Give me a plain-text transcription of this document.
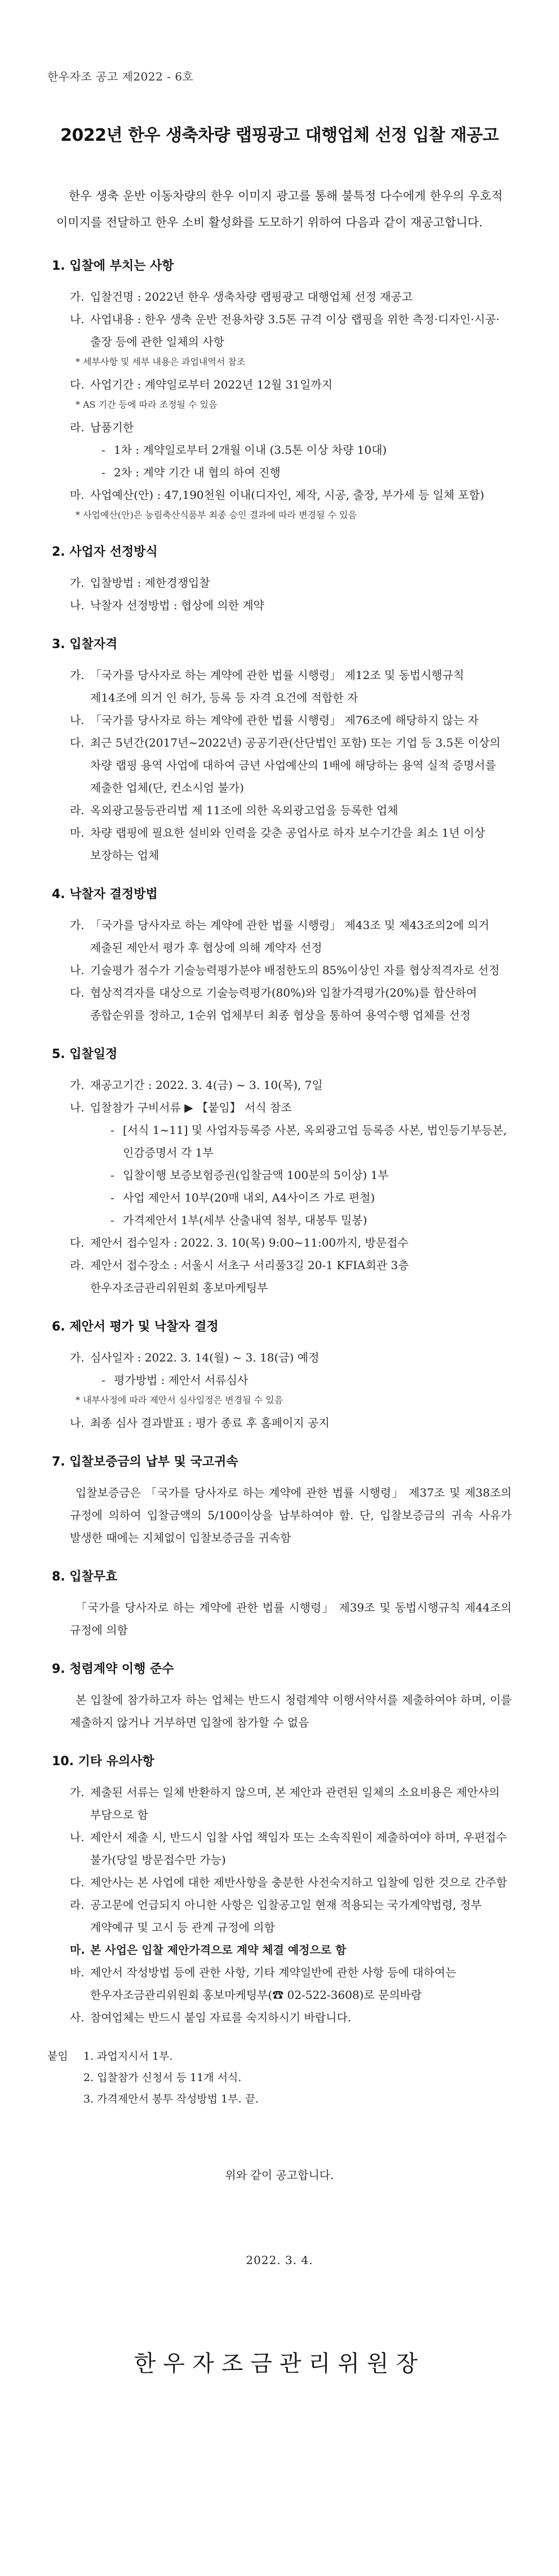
한우자조 공고 제2022 - 6호
2022년 한우 생축차량 랩핑광고 대행업체 선정 입찰 재공고
한우 생축 운반 이동차량의 한우 이미지 광고를 통해 불특정 다수에게 한우의 우호적 이미지를 전달하고 한우 소비 활성화를 도모하기 위하여 다음과 같이 재공고합니다.
1. 입찰에 부치는 사항
가. 입찰건명 : 2022년 한우 생축차량 랩핑광고 대행업체 선정 재공고
나. 사업내용 : 한우 생축 운반 전용차량 3.5톤 규격 이상 랩핑을 위한 측정·디자인·시공·출장 등에 관한 일체의 사항
* 세부사항 및 세부 내용은 과업내역서 참조
다. 사업기간 : 계약일로부터 2022년 12월 31일까지
* AS 기간 등에 따라 조정될 수 있음
라. 납품기한
- 1차 : 계약일로부터 2개월 이내 (3.5톤 이상 차량 10대)
- 2차 : 계약 기간 내 협의 하여 진행
마. 사업예산(안) : 47,190천원 이내(디자인, 제작, 시공, 출장, 부가세 등 일체 포함)
* 사업예산(안)은 농림축산식품부 최종 승인 결과에 따라 변경될 수 있음
2. 사업자 선정방식
가. 입찰방법 : 제한경쟁입찰
나. 낙찰자 선정방법 : 협상에 의한 계약
3. 입찰자격
가. 「국가를 당사자로 하는 계약에 관한 법률 시행령」 제12조 및 동법시행규칙 제14조에 의거 인 허가, 등록 등 자격 요건에 적합한 자
나. 「국가를 당사자로 하는 계약에 관한 법률 시행령」 제76조에 해당하지 않는 자
다. 최근 5년간(2017년~2022년) 공공기관(산단법인 포함) 또는 기업 등 3.5톤 이상의 차량 랩핑 용역 사업에 대하여 금년 사업예산의 1배에 해당하는 용역 실적 증명서를 제출한 업체(단, 컨소시엄 불가)
라. 옥외광고물등관리법 제 11조에 의한 옥외광고업을 등록한 업체
마. 차량 랩핑에 필요한 설비와 인력을 갖춘 공업사로 하자 보수기간을 최소 1년 이상 보장하는 업체
4. 낙찰자 결정방법
가. 「국가를 당사자로 하는 계약에 관한 법률 시행령」 제43조 및 제43조의2에 의거 제출된 제안서 평가 후 협상에 의해 계약자 선정
나. 기술평가 점수가 기술능력평가분야 배점한도의 85%이상인 자를 협상적격자로 선정
다. 협상적격자를 대상으로 기술능력평가(80%)와 입찰가격평가(20%)를 합산하여 종합순위를 정하고, 1순위 업체부터 최종 협상을 통하여 용역수행 업체를 선정
5. 입찰일정
가. 재공고기간 : 2022. 3. 4(금) ~ 3. 10(목), 7일
나. 입찰참가 구비서류 ▶ 【붙임】 서식 참조
- [서식 1~11] 및 사업자등록증 사본, 옥외광고업 등록증 사본, 법인등기부등본, 인감증명서 각 1부
- 입찰이행 보증보험증권(입찰금액 100분의 5이상) 1부
- 사업 제안서 10부(20매 내외, A4사이즈 가로 편철)
- 가격제안서 1부(세부 산출내역 첨부, 대봉투 밀봉)
다. 제안서 접수일자 : 2022. 3. 10(목) 9:00~11:00까지, 방문접수
라. 제안서 접수장소 : 서울시 서초구 서리풀3길 20-1 KFIA회관 3층 한우자조금관리위원회 홍보마케팅부
6. 제안서 평가 및 낙찰자 결정
가. 심사일자 : 2022. 3. 14(월) ~ 3. 18(금) 예정
- 평가방법 : 제안서 서류심사
* 내부사정에 따라 제안서 심사일정은 변경될 수 있음
나. 최종 심사 결과발표 : 평가 종료 후 홈페이지 공지
7. 입찰보증금의 납부 및 국고귀속
입찰보증금은 「국가를 당사자로 하는 계약에 관한 법률 시행령」 제37조 및 제38조의 규정에 의하여 입찰금액의 5/100이상을 납부하여야 함. 단, 입찰보증금의 귀속 사유가 발생한 때에는 지체없이 입찰보증금을 귀속함
8. 입찰무효
「국가를 당사자로 하는 계약에 관한 법률 시행령」 제39조 및 동법시행규칙 제44조의 규정에 의함
9. 청렴계약 이행 준수
본 입찰에 참가하고자 하는 업체는 반드시 청렴계약 이행서약서를 제출하여야 하며, 이를 제출하지 않거나 거부하면 입찰에 참가할 수 없음
10. 기타 유의사항
가. 제출된 서류는 일체 반환하지 않으며, 본 제안과 관련된 일체의 소요비용은 제안사의 부담으로 함
나. 제안서 제출 시, 반드시 입찰 사업 책임자 또는 소속직원이 제출하여야 하며, 우편접수 불가(당일 방문접수만 가능)
다. 제안사는 본 사업에 대한 제반사항을 충분한 사전숙지하고 입찰에 임한 것으로 간주함
라. 공고문에 언급되지 아니한 사항은 입찰공고일 현재 적용되는 국가계약법령, 정부 계약예규 및 고시 등 관계 규정에 의함
마. 본 사업은 입찰 제안가격으로 계약 체결 예정으로 함
바. 제안서 작성방법 등에 관한 사항, 기타 계약일반에 관한 사항 등에 대하여는 한우자조금관리위원회 홍보마케팅부(☎ 02-522-3608)로 문의바람
사. 참여업체는 반드시 붙임 자료를 숙지하시기 바랍니다.
붙임	1. 과업지시서 1부.
2. 입찰참가 신청서 등 11개 서식.
3. 가격제안서 봉투 작성방법 1부. 끝.
위와 같이 공고합니다.
2022. 3. 4.
한우자조금관리위원장
